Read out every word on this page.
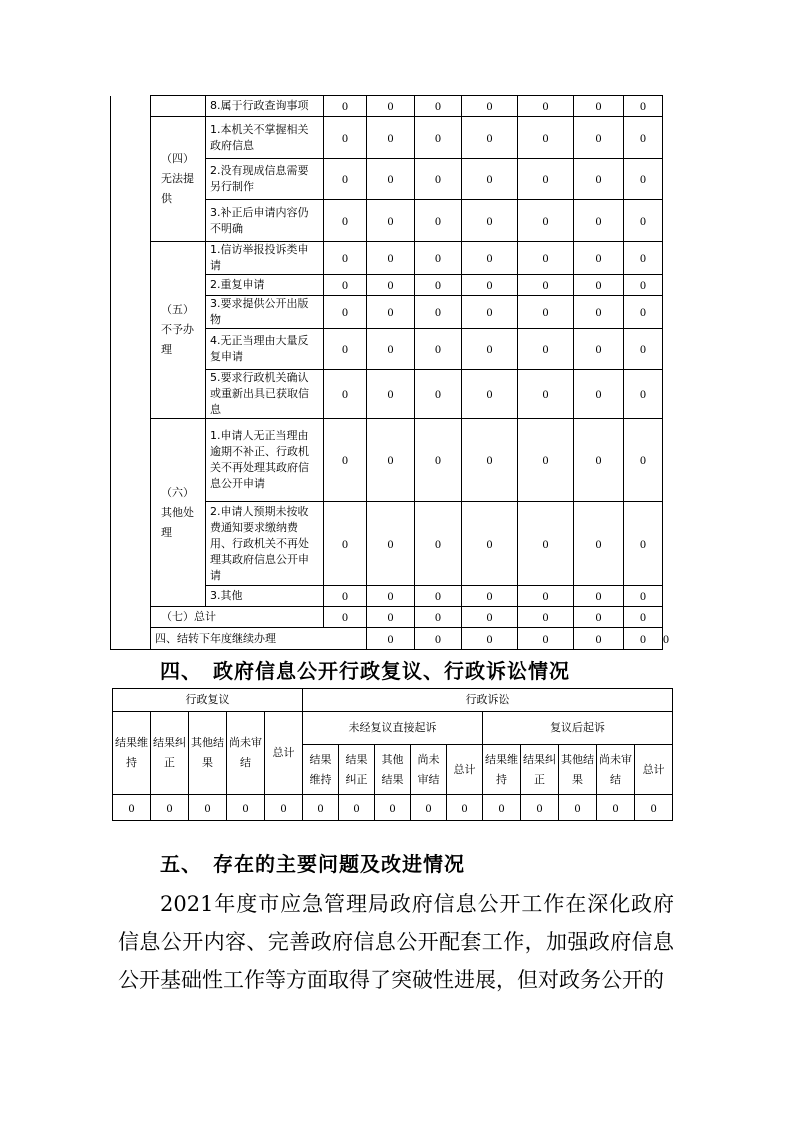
		8.属于行政查询事项	0	0	0	0	0	0	0	
	（四）无法提供	1.本机关不掌握相关政府信息	0	0	0	0	0	0	0	
		2.没有现成信息需要另行制作	0	0	0	0	0	0	0	
		3.补正后申请内容仍不明确	0	0	0	0	0	0	0	
	（五）不予办理	1.信访举报投诉类申请	0	0	0	0	0	0	0	
		2.重复申请	0	0	0	0	0	0	0	
		3.要求提供公开出版物	0	0	0	0	0	0	0	
		4.无正当理由大量反复申请	0	0	0	0	0	0	0	
		5.要求行政机关确认或重新出具已获取信息	0	0	0	0	0	0	0	
	（六）其他处理	1.申请人无正当理由逾期不补正、行政机关不再处理其政府信息公开申请	0	0	0	0	0	0	0	
		2.申请人预期未按收费通知要求缴纳费用、行政机关不再处理其政府信息公开申请	0	0	0	0	0	0	0	
		3.其他	0	0	0	0	0	0	0	
	（七）总计		0	0	0	0	0	0	0	
	四、结转下年度继续办理			0	0	0	0	0	0	0
四、　政府信息公开行政复议、行政诉讼情况
行政复议					行政诉讼									
结果维持	结果纠正	其他结果	尚未审结	总计	未经复议直接起诉					复议后起诉				
					结果维持	结果纠正	其他结果	尚未审结	总计	结果维持	结果纠正	其他结果	尚未审结	总计
0	0	0	0	0	0	0	0	0	0	0	0	0	0	0
五、　存在的主要问题及改进情况

2021年度市应急管理局政府信息公开工作在深化政府信息公开内容、完善政府信息公开配套工作，加强政府信息公开基础性工作等方面取得了突破性进展，但对政务公开的
